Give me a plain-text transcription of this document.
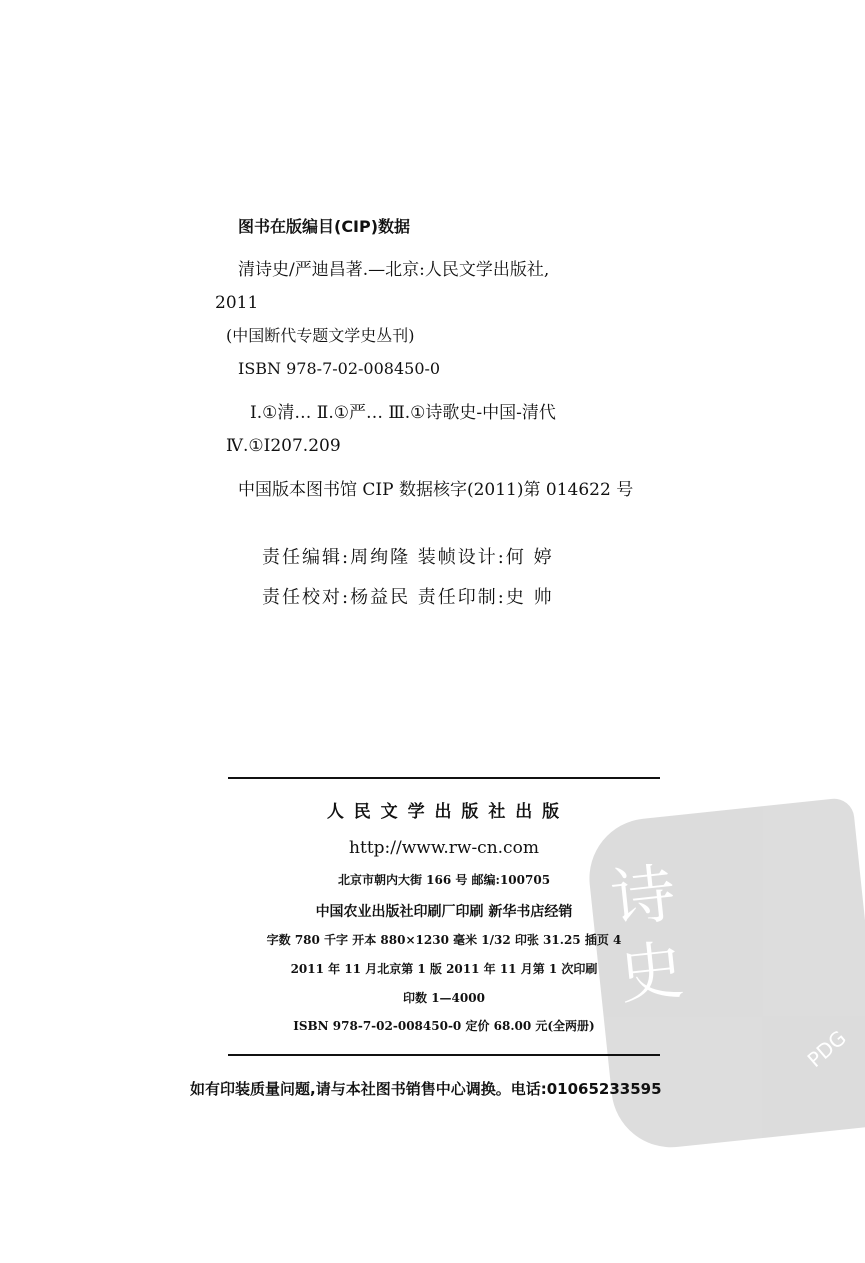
图书在版编目(CIP)数据
清诗史/严迪昌著.—北京:人民文学出版社,
2011
(中国断代专题文学史丛刊)
ISBN 978-7-02-008450-0
Ⅰ.①清… Ⅱ.①严… Ⅲ.①诗歌史-中国-清代
Ⅳ.①I207.209
中国版本图书馆 CIP 数据核字(2011)第 014622 号
责任编辑:周绚隆 装帧设计:何 婷
责任校对:杨益民 责任印制:史 帅
诗
史
PDG
人 民 文 学 出 版 社 出 版
http://www.rw-cn.com
北京市朝内大街 166 号 邮编:100705
中国农业出版社印刷厂印刷 新华书店经销
字数 780 千字 开本 880×1230 毫米 1/32 印张 31.25 插页 4
2011 年 11 月北京第 1 版 2011 年 11 月第 1 次印刷
印数 1—4000
ISBN 978-7-02-008450-0 定价 68.00 元(全两册)
如有印装质量问题,请与本社图书销售中心调换。电话:01065233595
